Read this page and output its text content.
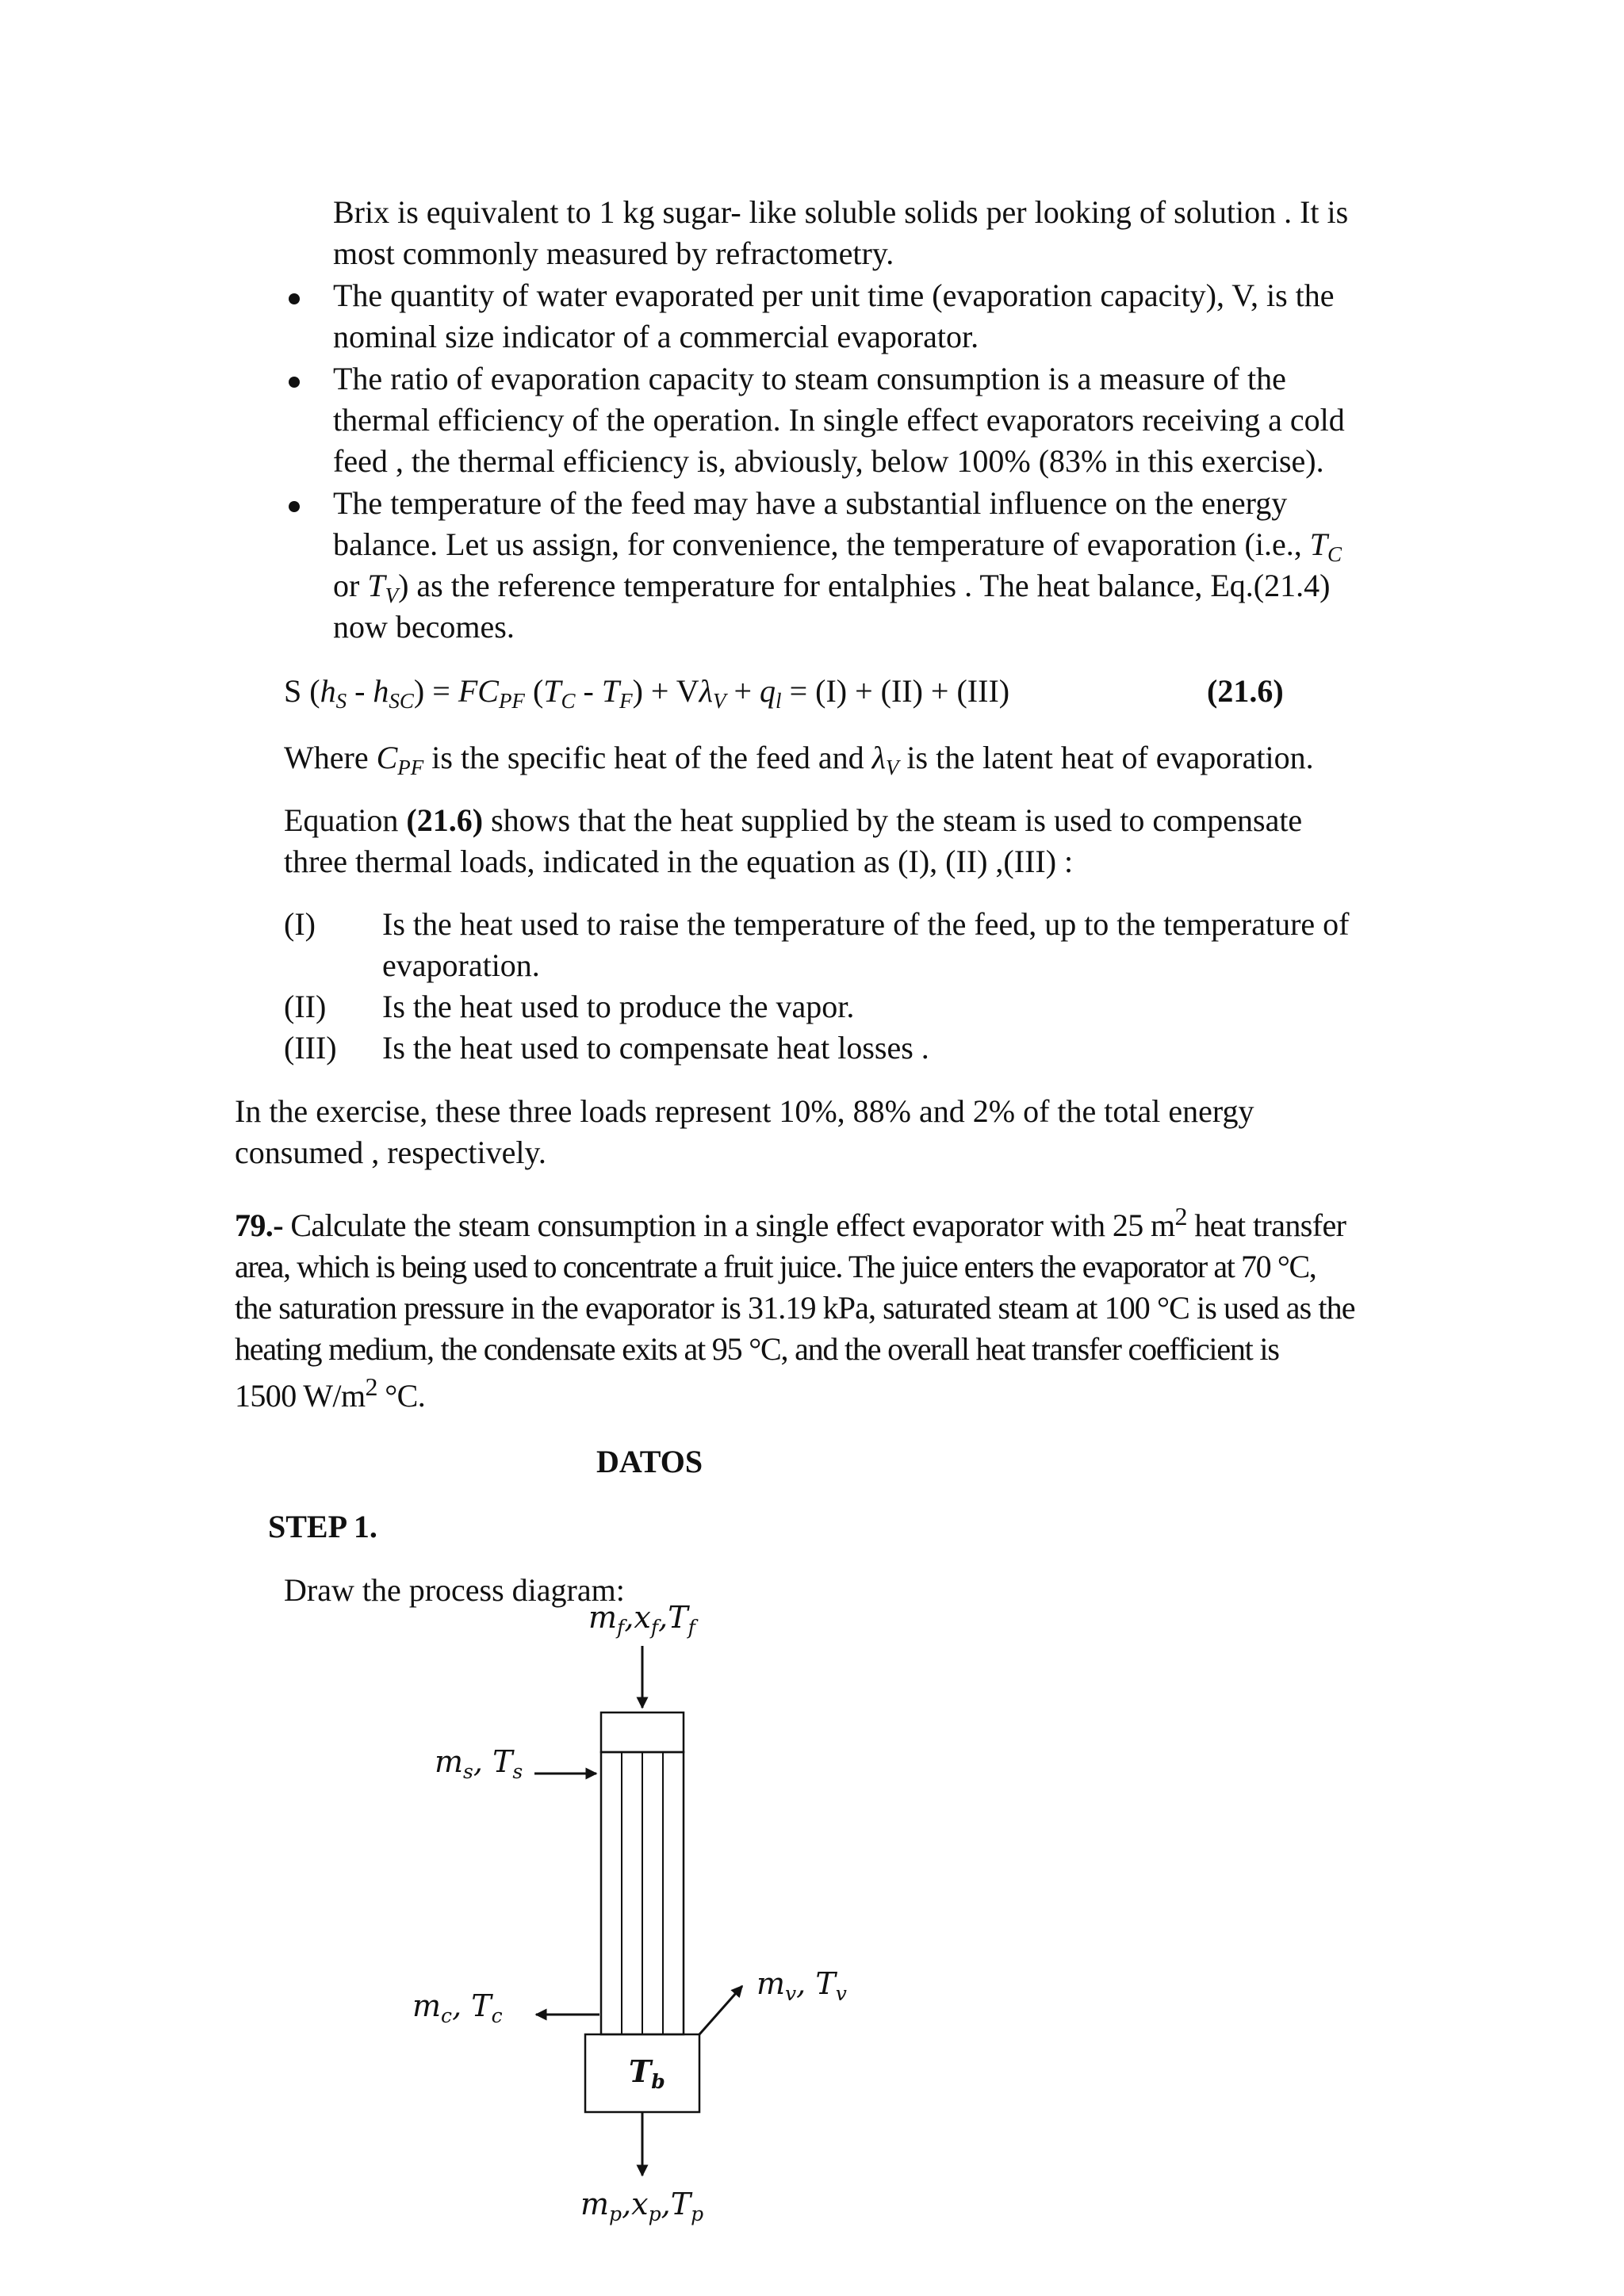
Brix is equivalent to 1 kg sugar- like soluble solids per looking of solution . It is
most commonly measured by refractometry.
The quantity of water evaporated per unit time (evaporation capacity), V, is the
nominal size indicator of a commercial evaporator.
The ratio of evaporation capacity to steam consumption is a measure of the
thermal efficiency of the operation. In single effect evaporators receiving a cold
feed , the thermal efficiency is, abviously, below 100% (83% in this exercise).
The temperature of the feed may have a substantial influence on the energy
balance. Let us assign, for convenience, the temperature of evaporation (i.e., $T_C$
or $T_V$) as the reference temperature for entalphies . The heat balance, Eq.(21.4)
now becomes.
S $(h_S - h_{SC}) = FC_{PF}$ $(T_C - T_F) + V\lambda_V + q_l = (I) + (II) + (III)$	(21.6)
Where $C_{PF}$ is the specific heat of the feed and $\lambda_V$ is the latent heat of evaporation.
Equation (21.6) shows that the heat supplied by the steam is used to compensate
three thermal loads, indicated in the equation as (I), (II) ,(III) :
(I) Is the heat used to raise the temperature of the feed, up to the temperature of
evaporation.
(II) Is the heat used to produce the vapor.
(III) Is the heat used to compensate heat losses .
In the exercise, these three loads represent 10%, 88% and 2% of the total energy
consumed , respectively.
79.- Calculate the steam consumption in a single effect evaporator with 25 $m^2$ heat transfer
area, which is being used to concentrate a fruit juice. The juice enters the evaporator at 70 °C,
the saturation pressure in the evaporator is 31.19 kPa, saturated steam at 100 °C is used as the
heating medium, the condensate exits at 95 °C, and the overall heat transfer coefficient is
1500 $W/m^2$ °C.
DATOS
STEP 1.
Draw the process diagram:
$m_f,x_f,T_f$
$m_s$, $T_s$
$m_v$, $T_v$
$m_c$, $T_c$
$T_b$
$m_p,x_p,T_p$
